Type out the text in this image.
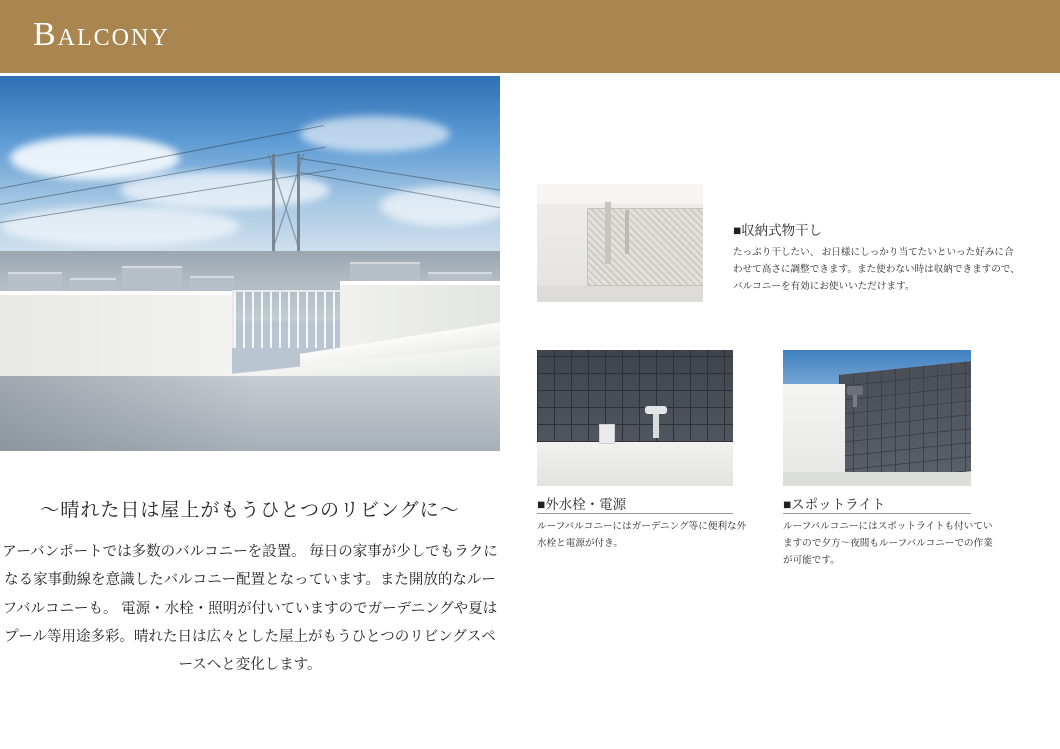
Balcony
〜晴れた日は屋上がもうひとつのリビングに〜

アーバンポートでは多数のバルコニーを設置。 毎日の家事が少しでもラクになる家事動線を意識したバルコニー配置となっています。また開放的なルーフバルコニーも。 電源・水栓・照明が付いていますのでガーデニングや夏はプール等用途多彩。晴れた日は広々とした屋上がもうひとつのリビングスペースへと変化します。

■収納式物干し
たっぷり干したい、 お日様にしっかり当てたいといった好みに合わせて高さに調整できます。また使わない時は収納できますので、 バルコニーを有効にお使いいただけます。
■外水栓・電源
ルーフバルコニーにはガーデニング等に便利な外水栓と電源が付き。
■スポットライト
ルーフバルコニーにはスポットライトも付いていますので夕方〜夜間もルーフバルコニーでの作業が可能です。
